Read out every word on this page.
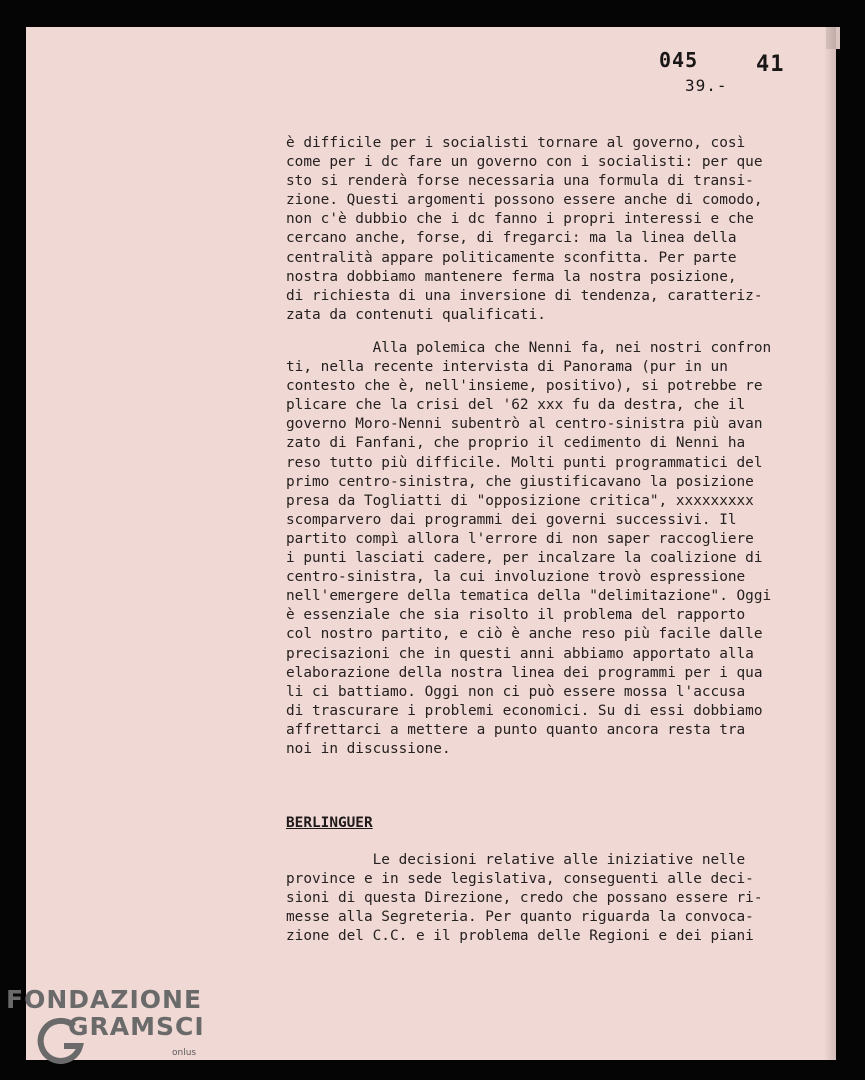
045	41
39.-
è difficile per i socialisti tornare al governo, così
come per i dc fare un governo con i socialisti: per que
sto si renderà forse necessaria una formula di transi-
zione. Questi argomenti possono essere anche di comodo,
non c'è dubbio che i dc fanno i propri interessi e che
cercano anche, forse, di fregarci: ma la linea della
centralità appare politicamente sconfitta. Per parte
nostra dobbiamo mantenere ferma la nostra posizione,
di richiesta di una inversione di tendenza, caratteriz-
zata da contenuti qualificati.
Alla polemica che Nenni fa, nei nostri confron
ti, nella recente intervista di Panorama (pur in un
contesto che è, nell'insieme, positivo), si potrebbe re
plicare che la crisi del '62 xxx fu da destra, che il
governo Moro-Nenni subentrò al centro-sinistra più avan
zato di Fanfani, che proprio il cedimento di Nenni ha
reso tutto più difficile. Molti punti programmatici del
primo centro-sinistra, che giustificavano la posizione
presa da Togliatti di "opposizione critica", xxxxxxxxx
scomparvero dai programmi dei governi successivi. Il
partito compì allora l'errore di non saper raccogliere
i punti lasciati cadere, per incalzare la coalizione di
centro-sinistra, la cui involuzione trovò espressione
nell'emergere della tematica della "delimitazione". Oggi
è essenziale che sia risolto il problema del rapporto
col nostro partito, e ciò è anche reso più facile dalle
precisazioni che in questi anni abbiamo apportato alla
elaborazione della nostra linea dei programmi per i qua
li ci battiamo. Oggi non ci può essere mossa l'accusa
di trascurare i problemi economici. Su di essi dobbiamo
affrettarci a mettere a punto quanto ancora resta tra
noi in discussione.
BERLINGUER
Le decisioni relative alle iniziative nelle
province e in sede legislativa, conseguenti alle deci-
sioni di questa Direzione, credo che possano essere ri-
messe alla Segreteria. Per quanto riguarda la convoca-
zione del C.C. e il problema delle Regioni e dei piani
FONDAZIONE
GRAMSCI
onlus
